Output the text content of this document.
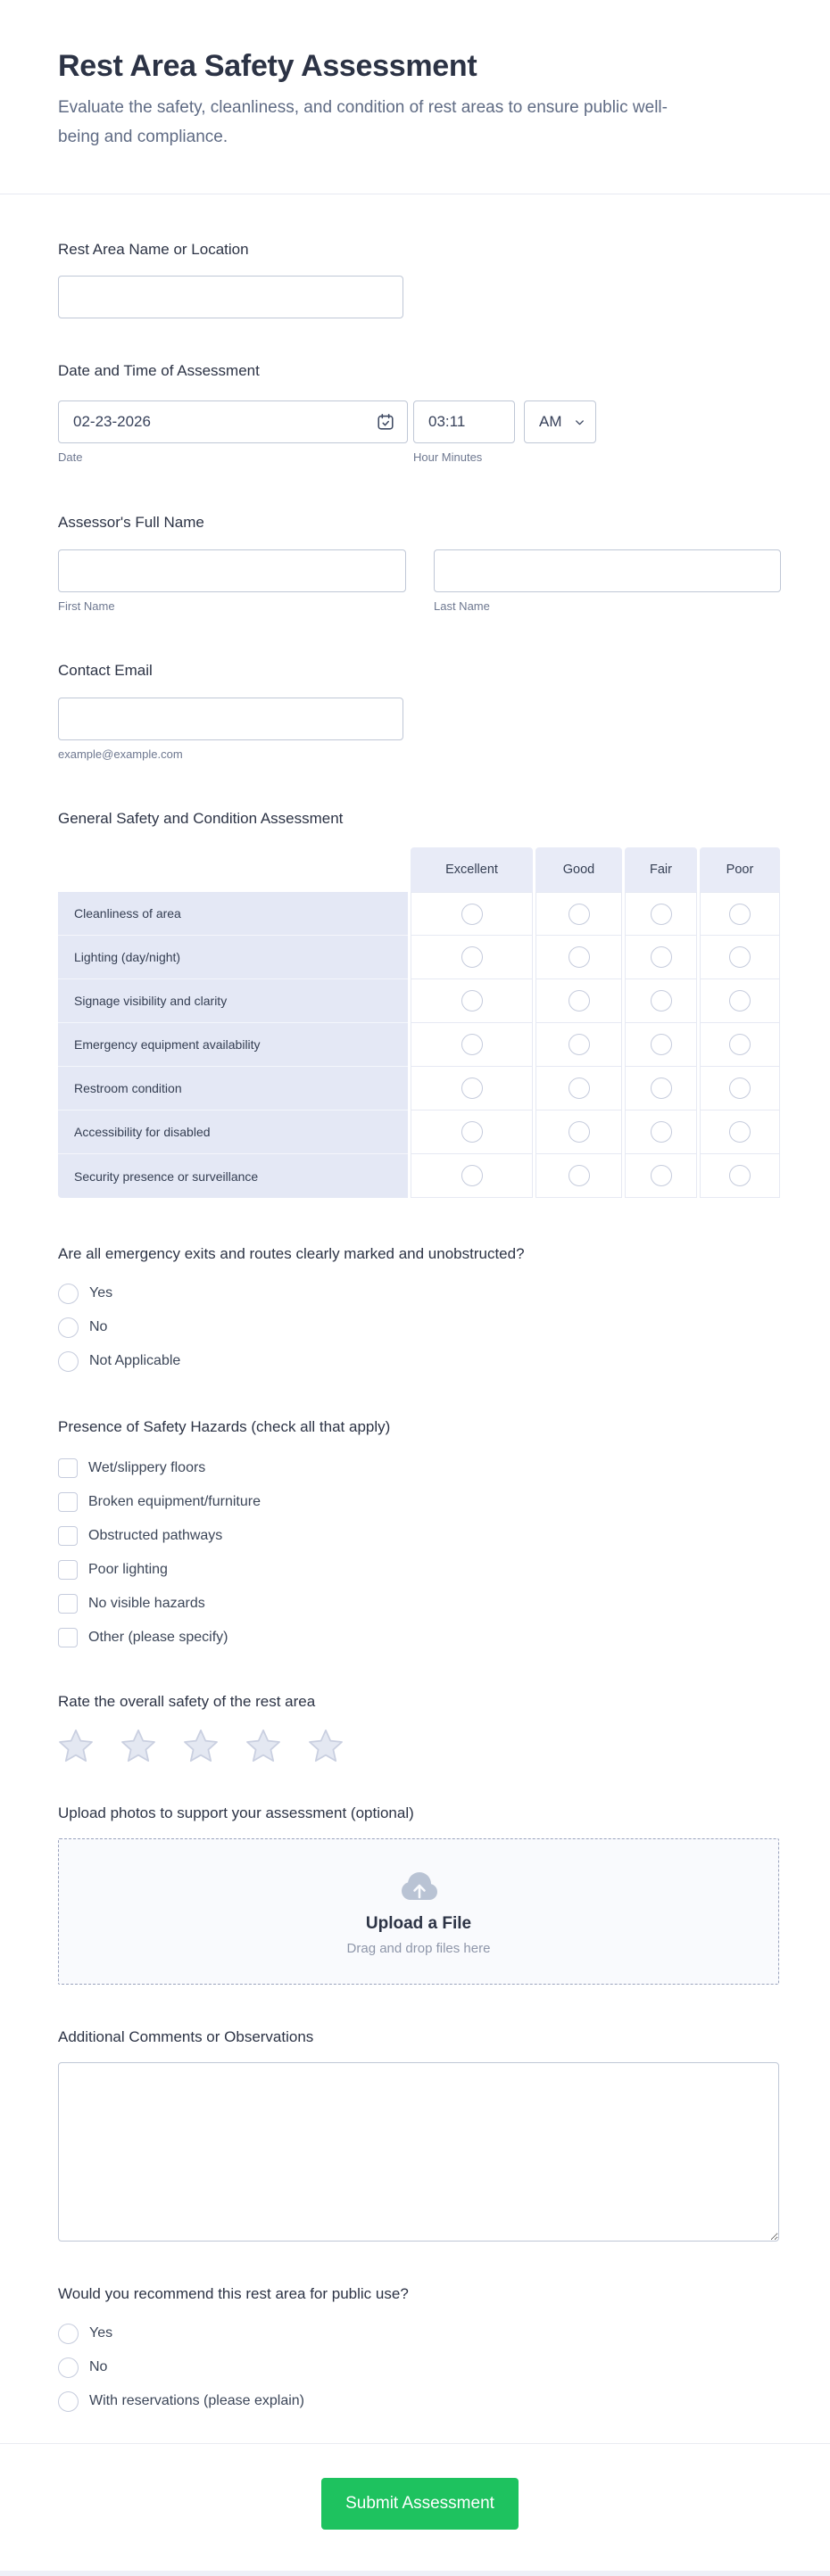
Rest Area Safety Assessment
Evaluate the safety, cleanliness, and condition of rest areas to ensure public well-being and compliance.
Rest Area Name or Location
Date and Time of Assessment
02-23-2026
03:11
AM
Date	Hour Minutes
Assessor's Full Name
First Name	Last Name
Contact Email
example@example.com
General Safety and Condition Assessment
Excellent	Good	Fair	Poor
Cleanliness of area
Lighting (day/night)
Signage visibility and clarity
Emergency equipment availability
Restroom condition
Accessibility for disabled
Security presence or surveillance
Are all emergency exits and routes clearly marked and unobstructed?
Yes
No
Not Applicable
Presence of Safety Hazards (check all that apply)
Wet/slippery floors
Broken equipment/furniture
Obstructed pathways
Poor lighting
No visible hazards
Other (please specify)
Rate the overall safety of the rest area
Upload photos to support your assessment (optional)
Upload a File
Drag and drop files here
Additional Comments or Observations
Would you recommend this rest area for public use?
Yes
No
With reservations (please explain)
Submit Assessment
